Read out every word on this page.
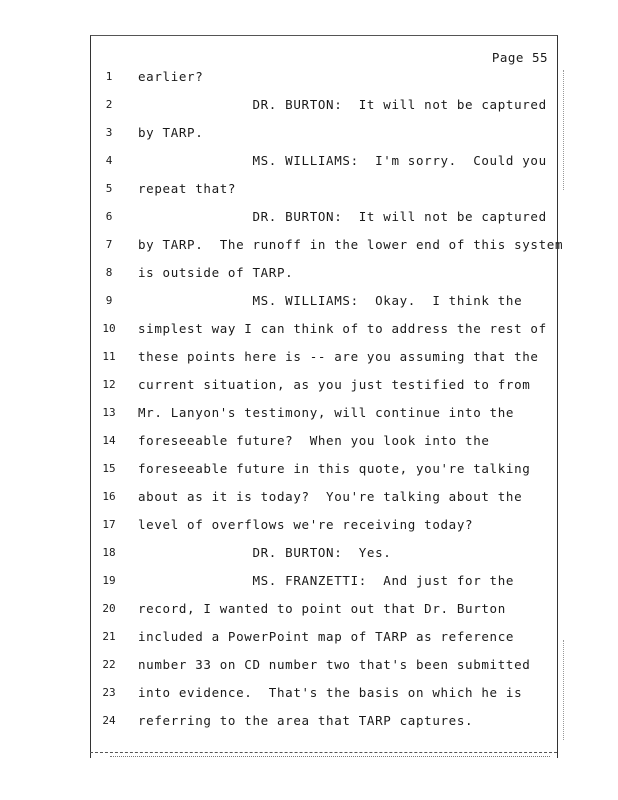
Page 55
1	earlier?
2	DR. BURTON:  It will not be captured
3	by TARP.
4	MS. WILLIAMS:  I'm sorry.  Could you
5	repeat that?
6	DR. BURTON:  It will not be captured
7	by TARP.  The runoff in the lower end of this system
8	is outside of TARP.
9	MS. WILLIAMS:  Okay.  I think the
10	simplest way I can think of to address the rest of
11	these points here is -- are you assuming that the
12	current situation, as you just testified to from
13	Mr. Lanyon's testimony, will continue into the
14	foreseeable future?  When you look into the
15	foreseeable future in this quote, you're talking
16	about as it is today?  You're talking about the
17	level of overflows we're receiving today?
18	DR. BURTON:  Yes.
19	MS. FRANZETTI:  And just for the
20	record, I wanted to point out that Dr. Burton
21	included a PowerPoint map of TARP as reference
22	number 33 on CD number two that's been submitted
23	into evidence.  That's the basis on which he is
24	referring to the area that TARP captures.
